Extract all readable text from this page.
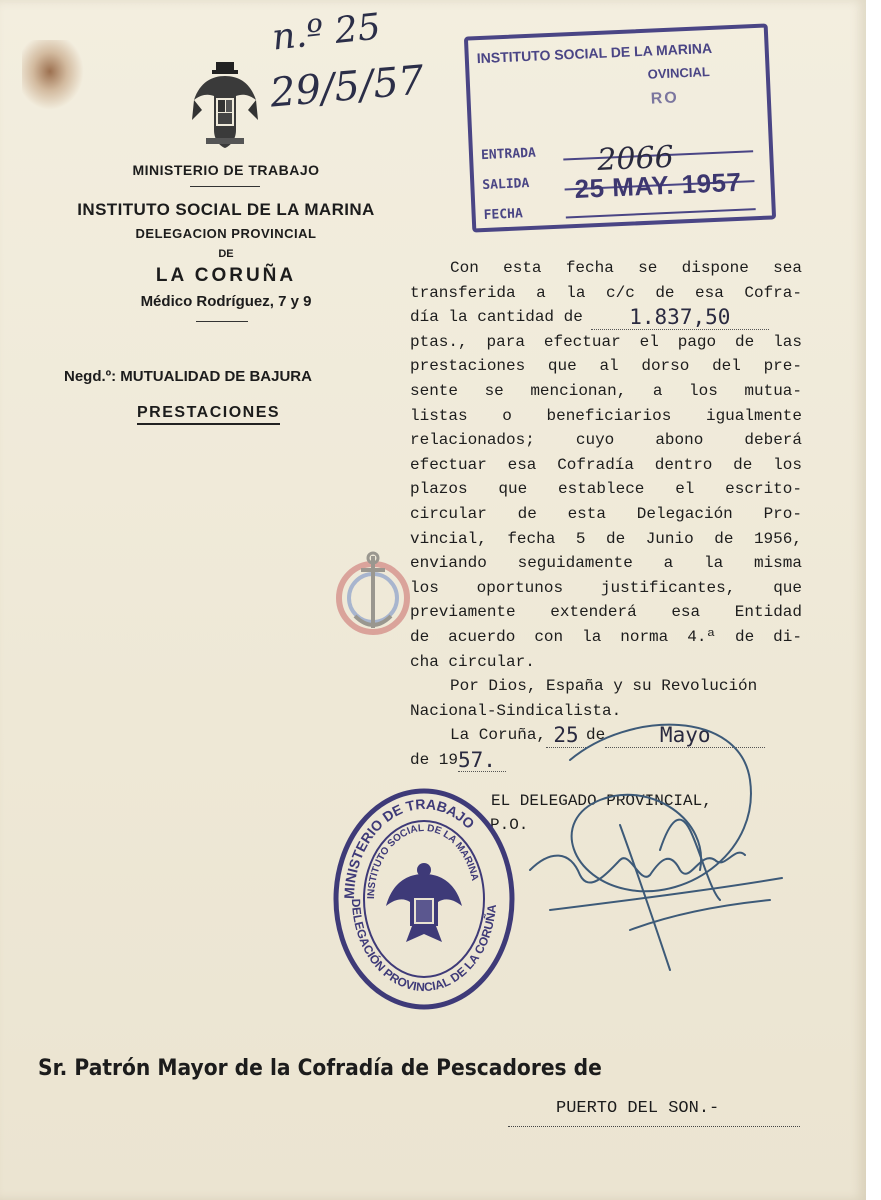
MINISTERIO DE TRABAJO
INSTITUTO SOCIAL DE LA MARINA
DELEGACION PROVINCIAL
DE
LA CORUÑA
Médico Rodríguez, 7 y 9
Negd.º: MUTUALIDAD DE BAJURA
PRESTACIONES
n.º 25
29/5/57
INSTITUTO SOCIAL DE LA MARINA
OVINCIAL
RO
ENTRADA
SALIDA
FECHA
2066
25 MAY. 1957
Con esta fecha se dispone sea
transferida a la c/c de esa Cofra-
día la cantidad de	1.837,50
ptas., para efectuar el pago de las
prestaciones que al dorso del pre-
sente se mencionan, a los mutua-
listas o beneficiarios igualmente
relacionados;	cuyo	abono	deberá
efectuar esa Cofradía dentro de los
plazos que establece el escrito-
circular de esta Delegación Pro-
vincial, fecha 5 de Junio de 1956,
enviando seguidamente a la misma
los oportunos justificantes, que
previamente extenderá esa Entidad
de acuerdo con la norma 4.ª de di-
cha circular.
Por Dios, España y su Revolución
Nacional-Sindicalista.
La Coruña, 25 de	Mayo
de 19 57.
EL DELEGADO PROVINCIAL,
P.O.
MINISTERIO DE TRABAJO
INSTITUTO SOCIAL DE LA MARINA
DELEGACIÓN PROVINCIAL DE LA CORUÑA
Sr. Patrón Mayor de la Cofradía de Pescadores de
PUERTO DEL SON.-
